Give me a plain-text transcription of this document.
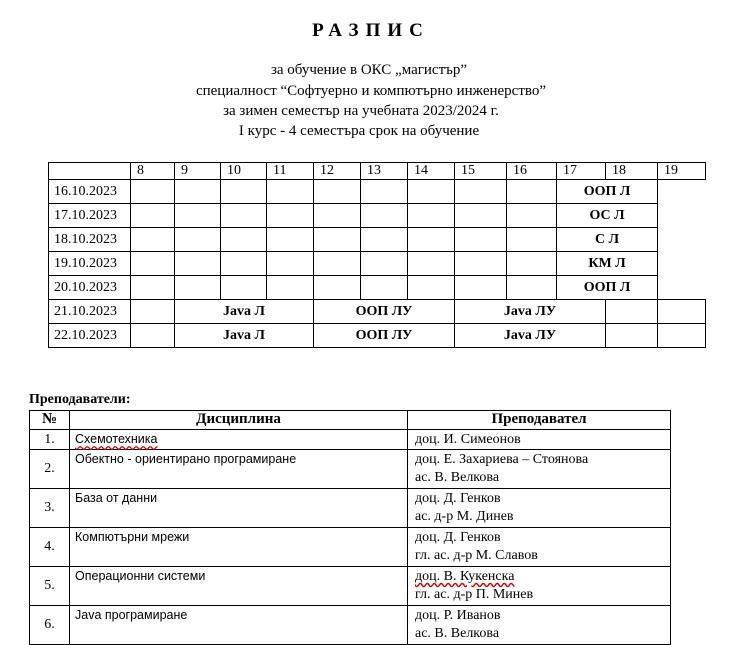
РАЗПИС
за обучение в ОКС „магистър”
специалност “Софтуерно и компютърно инженерство”
за зимен семестър на учебната 2023/2024 г.
I курс - 4 семестъра срок на обучение
	8	9	10	11	12	13	14	15	16	17	18	19
16.10.2023										ООП Л		
17.10.2023										ОС Л		
18.10.2023										С Л		
19.10.2023										КМ Л		
20.10.2023										ООП Л		
21.10.2023		Java Л			ООП ЛУ			Java ЛУ				
22.10.2023		Java Л			ООП ЛУ			Java ЛУ				
Преподаватели:
№	Дисциплина	Преподавател
1.	Схемотехника	доц. И. Симеонов

2.	Обектно - ориентирано програмиране	доц. Е. Захариева – Стоянова
ас. В. Велкова

3.	База от данни	доц. Д. Генков
ас. д-р М. Динев

4.	Компютърни мрежи	доц. Д. Генков
гл. ас. д-р М. Славов

5.	Операционни системи	доц. В. Кукенска
гл. ас. д-р П. Минев

6.	Java програмиране	доц. Р. Иванов
ас. В. Велкова
